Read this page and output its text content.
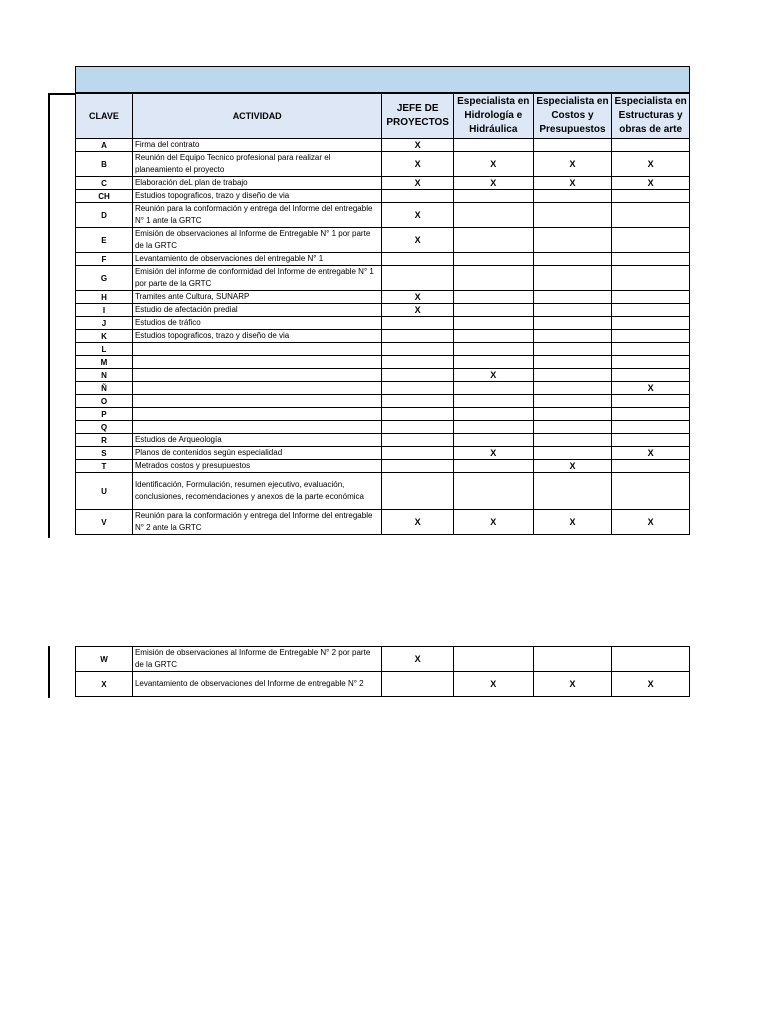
CLAVE	ACTIVIDAD	JEFE DE PROYECTOS	Especialista en Hidrología e Hidráulica	Especialista en Costos y Presupuestos	Especialista en Estructuras y obras de arte
A	Firma del contrato	X			
B	Reunión del Equipo Tecnico profesional para realizar el planeamiento el proyecto	X	X	X	X
C	Elaboración deL plan de trabajo	X	X	X	X
CH	Estudios topograficos, trazo y diseño de via				
D	Reunión para la conformación y entrega del Informe del entregable N° 1 ante la GRTC	X			
E	Emisión de observaciones al Informe de Entregable N° 1 por parte de la GRTC	X			
F	Levantamiento de observaciones del entregable N° 1				
G	Emisión del informe de conformidad del Informe de entregable N° 1 por parte de la GRTC				
H	Tramites ante Cultura, SUNARP	X			
I	Estudio de afectación predial	X			
J	Estudios de tráfico				
K	Estudios topograficos, trazo y diseño de via				
L					
M					
N			X		
Ñ					X
O					
P					
Q					
R	Estudios de Arqueología				
S	Planos de contenidos según especialidad		X		X
T	Metrados costos y presupuestos			X	
U	Identificación, Formulación, resumen ejecutivo, evaluación, conclusiones, recomendaciones y anexos de la parte económica				
V	Reunión para la conformación y entrega del Informe del entregable N° 2 ante la GRTC	X	X	X	X
W	Emisión de observaciones al Informe de Entregable N° 2 por parte de la GRTC	X			
X	Levantamiento de observaciones del Informe de entregable N° 2		X	X	X
